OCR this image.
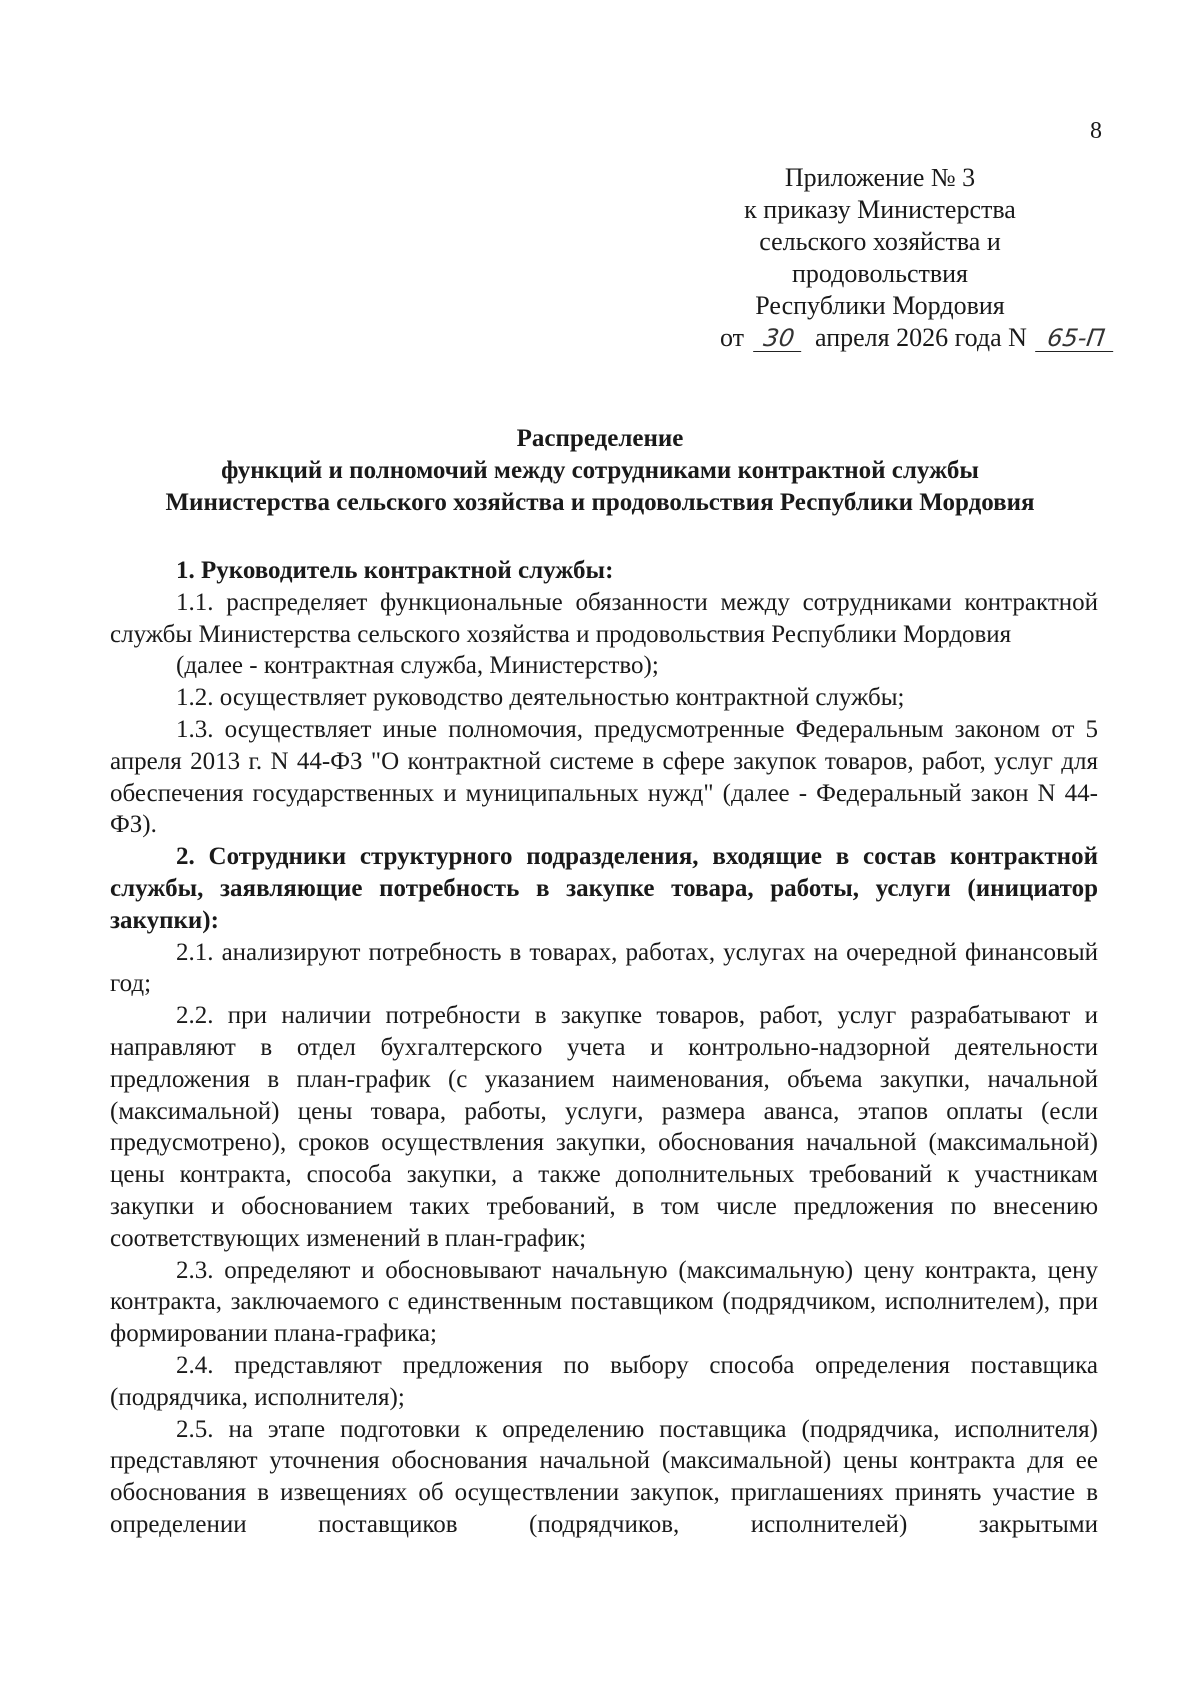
8
Приложение № 3
к приказу Министерства
сельского хозяйства и
продовольствия
Республики Мордовия
от 30 апреля 2026 года N 65-П
Распределение
функций и полномочий между сотрудниками контрактной службы
Министерства сельского хозяйства и продовольствия Республики Мордовия

1. Руководитель контрактной службы:

1.1. распределяет функциональные обязанности между сотрудниками контрактной службы Министерства сельского хозяйства и продовольствия Республики Мордовия

(далее - контрактная служба, Министерство);

1.2. осуществляет руководство деятельностью контрактной службы;

1.3. осуществляет иные полномочия, предусмотренные Федеральным законом от 5 апреля 2013 г. N 44-ФЗ "О контрактной системе в сфере закупок товаров, работ, услуг для обеспечения государственных и муниципальных нужд" (далее - Федеральный закон N 44-ФЗ).

2. Сотрудники структурного подразделения, входящие в состав контрактной службы, заявляющие потребность в закупке товара, работы, услуги (инициатор закупки):

2.1. анализируют потребность в товарах, работах, услугах на очередной финансовый год;

2.2. при наличии потребности в закупке товаров, работ, услуг разрабатывают и направляют в отдел бухгалтерского учета и контрольно-надзорной деятельности предложения в план-график (с указанием наименования, объема закупки, начальной (максимальной) цены товара, работы, услуги, размера аванса, этапов оплаты (если предусмотрено), сроков осуществления закупки, обоснования начальной (максимальной) цены контракта, способа закупки, а также дополнительных требований к участникам закупки и обоснованием таких требований, в том числе предложения по внесению соответствующих изменений в план-график;

2.3. определяют и обосновывают начальную (максимальную) цену контракта, цену контракта, заключаемого с единственным поставщиком (подрядчиком, исполнителем), при формировании плана-графика;

2.4. представляют предложения по выбору способа определения поставщика (подрядчика, исполнителя);

2.5. на этапе подготовки к определению поставщика (подрядчика, исполнителя) представляют уточнения обоснования начальной (максимальной) цены контракта для ее обоснования в извещениях об осуществлении закупок, приглашениях принять участие в определении поставщиков (подрядчиков, исполнителей) закрытыми
